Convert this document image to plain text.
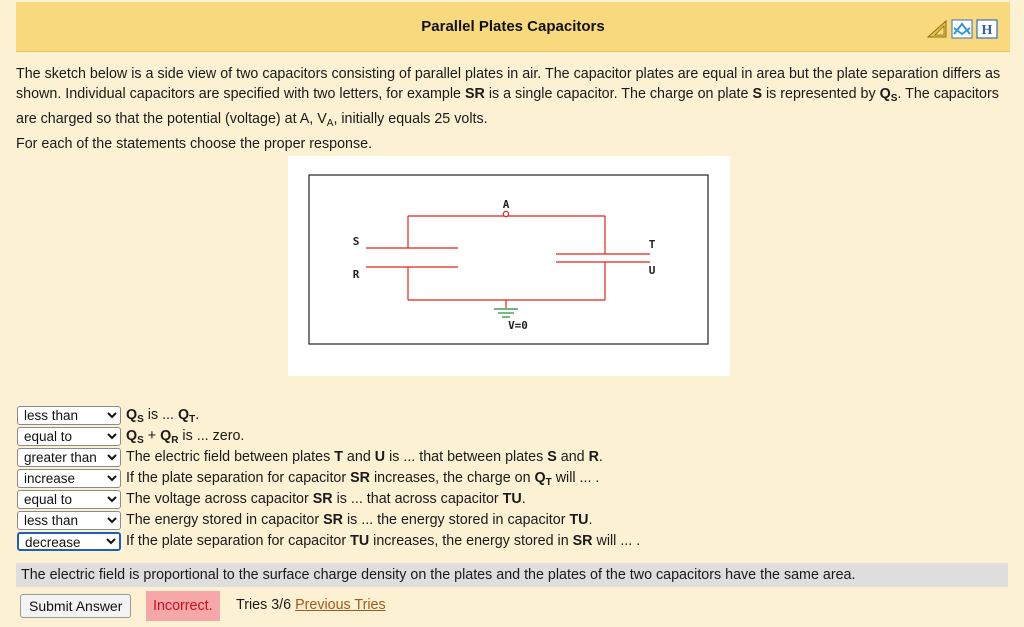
Parallel Plates Capacitors	H

The sketch below is a side view of two capacitors consisting of parallel plates in air. The capacitor plates are equal in area but the plate separation differs as shown. Individual capacitors are specified with two letters, for example SR is a single capacitor. The charge on plate S is represented by $Q_S$. The capacitors are charged so that the potential (voltage) at A, $V_A$, initially equals 25 volts.

For each of the statements choose the proper response.

A
S
R
T
U
V=0
less than
$Q_S$ is ... $Q_T$.
equal to
$Q_S + Q_R$ is ... zero.
greater than
The electric field between plates T and U is ... that between plates S and R.
increase
If the plate separation for capacitor SR increases, the charge on $Q_T$ will ... .
equal to
The voltage across capacitor SR is ... that across capacitor TU.
less than
The energy stored in capacitor SR is ... the energy stored in capacitor TU.
decrease
If the plate separation for capacitor TU increases, the energy stored in SR will ... .
The electric field is proportional to the surface charge density on the plates and the plates of the two capacitors have the same area.
Submit Answer	Incorrect.	Tries 3/6 Previous Tries
